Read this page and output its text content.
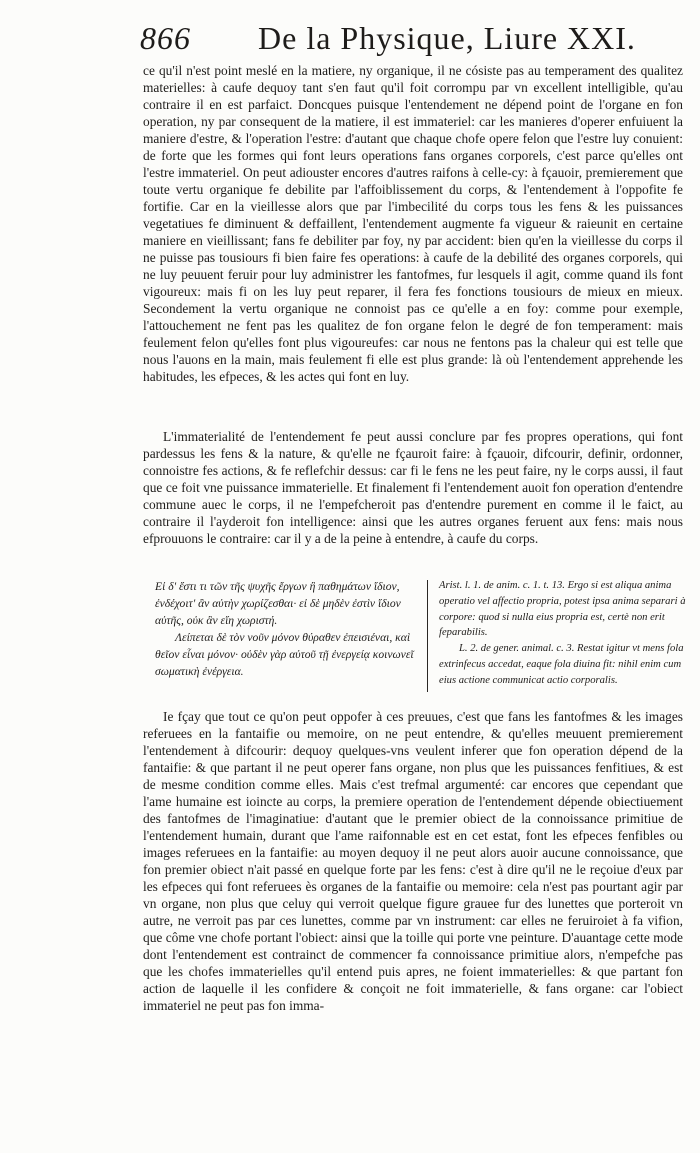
866 De la Physique, Liure XXI.

ce qu'il n'est point meslé en la matiere, ny organique, il ne cósiste pas au temperament des qualitez materielles: à caufe dequoy tant s'en faut qu'il foit corrompu par vn excellent intelligible, qu'au contraire il en est parfaict. Doncques puisque l'entendement ne dépend point de l'organe en fon operation, ny par consequent de la matiere, il est immateriel: car les manieres d'operer enfuiuent la maniere d'estre, & l'operation l'estre: d'autant que chaque chofe opere felon que l'estre luy conuient: de forte que les formes qui font leurs operations fans organes corporels, c'est parce qu'elles ont l'estre immateriel. On peut adiouster encores d'autres raifons à celle-cy: à fçauoir, premierement que toute vertu organique fe debilite par l'affoiblissement du corps, & l'entendement à l'oppofite fe fortifie. Car en la vieillesse alors que par l'imbecilité du corps tous les fens & les puissances vegetatiues fe diminuent & deffaillent, l'entendement augmente fa vigueur & raieunit en certaine maniere en vieillissant; fans fe debiliter par foy, ny par accident: bien qu'en la vieillesse du corps il ne puisse pas tousiours fi bien faire fes operations: à caufe de la debilité des organes corporels, qui ne luy peuuent feruir pour luy administrer les fantofmes, fur lesquels il agit, comme quand ils font vigoureux: mais fi on les luy peut reparer, il fera fes fonctions tousiours de mieux en mieux. Secondement la vertu organique ne connoist pas ce qu'elle a en foy: comme pour exemple, l'attouchement ne fent pas les qualitez de fon organe felon le degré de fon temperament: mais feulement felon qu'elles font plus vigoureufes: car nous ne fentons pas la chaleur qui est telle que nous l'auons en la main, mais feulement fi elle est plus grande: là où l'entendement apprehende les habitudes, les efpeces, & les actes qui font en luy.

L'immaterialité de l'entendement fe peut aussi conclure par fes propres operations, qui font pardessus les fens & la nature, & qu'elle ne fçauroit faire: à fçauoir, difcourir, definir, ordonner, connoistre fes actions, & fe reflefchir dessus: car fi le fens ne les peut faire, ny le corps aussi, il faut que ce foit vne puissance immaterielle. Et finalement fi l'entendement auoit fon operation d'entendre commune auec le corps, il ne l'empefcheroit pas d'entendre purement en comme il le faict, au contraire il l'ayderoit fon intelligence: ainsi que les autres organes feruent aux fens: mais nous efprouuons le contraire: car il y a de la peine à entendre, à caufe du corps.

Εἰ δ' ἔστι τι τῶν τῆς ψυχῆς ἔργων ἢ παθημάτων ἴδιον, ἐνδέχοιτ' ἂν αὐτὴν χωρίζεσθαι· εἰ δὲ μηδὲν ἐστὶν ἴδιον αὐτῆς, οὐκ ἂν εἴη χωριστή.

Λείπεται δὲ τὸν νοῦν μόνον θύραθεν ἐπεισιέναι, καὶ θεῖον εἶναι μόνον· οὐδὲν γὰρ αὐτοῦ τῇ ἐνεργείᾳ κοινωνεῖ σωματικὴ ἐνέργεια.

Arist. l. 1. de anim. c. 1. t. 13. Ergo si est aliqua anima operatio vel affectio propria, potest ipsa anima separari à corpore: quod si nulla eius propria est, certè non erit feparabilis.

L. 2. de gener. animal. c. 3. Restat igitur vt mens fola extrinfecus accedat, eaque fola diuina fit: nihil enim cum eius actione communicat actio corporalis.

Ie fçay que tout ce qu'on peut oppofer à ces preuues, c'est que fans les fantofmes & les images referuees en la fantaifie ou memoire, on ne peut entendre, & qu'elles meuuent premierement l'entendement à difcourir: dequoy quelques-vns veulent inferer que fon operation dépend de la fantaifie: & que partant il ne peut operer fans organe, non plus que les puissances fenfitiues, & est de mesme condition comme elles. Mais c'est trefmal argumenté: car encores que cependant que l'ame humaine est ioincte au corps, la premiere operation de l'entendement dépende obiectiuement des fantofmes de l'imaginatiue: d'autant que le premier obiect de la connoissance primitiue de l'entendement humain, durant que l'ame raifonnable est en cet estat, font les efpeces fenfibles ou images referuees en la fantaifie: au moyen dequoy il ne peut alors auoir aucune connoissance, que fon premier obiect n'ait passé en quelque forte par les fens: c'est à dire qu'il ne le reçoiue d'eux par les efpeces qui font referuees ès organes de la fantaifie ou memoire: cela n'est pas pourtant agir par vn organe, non plus que celuy qui verroit quelque figure grauee fur des lunettes que porteroit vn autre, ne verroit pas par ces lunettes, comme par vn instrument: car elles ne feruiroiet à fa vifion, que côme vne chofe portant l'obiect: ainsi que la toille qui porte vne peinture. D'auantage cette mode dont l'entendement est contrainct de commencer fa connoissance primitiue alors, n'empefche pas que les chofes immaterielles qu'il entend puis apres, ne foient immaterielles: & que partant fon action de laquelle il les confidere & conçoit ne foit immaterielle, & fans organe: car l'obiect immateriel ne peut pas fon imma-
